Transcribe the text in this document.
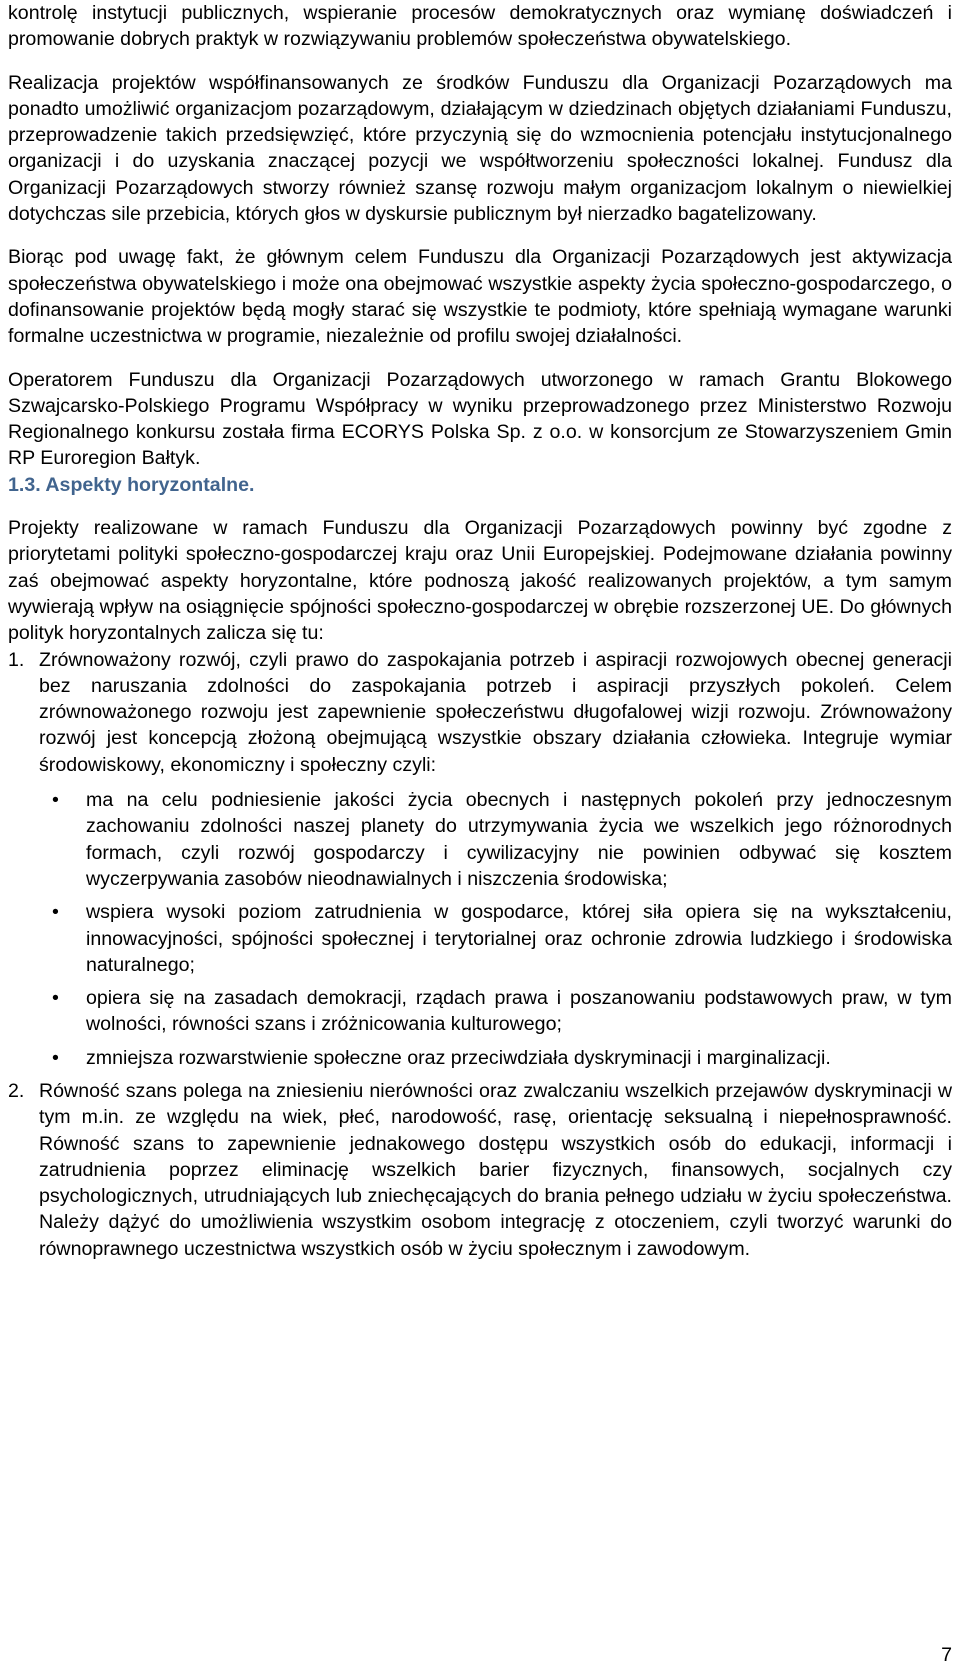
kontrolę instytucji publicznych, wspieranie procesów demokratycznych oraz wymianę doświadczeń i promowanie dobrych praktyk w rozwiązywaniu problemów społeczeństwa obywatelskiego.

Realizacja projektów współfinansowanych ze środków Funduszu dla Organizacji Pozarządowych ma ponadto umożliwić organizacjom pozarządowym, działającym w dziedzinach objętych działaniami Funduszu, przeprowadzenie takich przedsięwzięć, które przyczynią się do wzmocnienia potencjału instytucjonalnego organizacji i do uzyskania znaczącej pozycji we współtworzeniu społeczności lokalnej. Fundusz dla Organizacji Pozarządowych stworzy również szansę rozwoju małym organizacjom lokalnym o niewielkiej dotychczas sile przebicia, których głos w dyskursie publicznym był nierzadko bagatelizowany.

Biorąc pod uwagę fakt, że głównym celem Funduszu dla Organizacji Pozarządowych jest aktywizacja społeczeństwa obywatelskiego i może ona obejmować wszystkie aspekty życia społeczno-gospodarczego, o dofinansowanie projektów będą mogły starać się wszystkie te podmioty, które spełniają wymagane warunki formalne uczestnictwa w programie, niezależnie od profilu swojej działalności.

Operatorem Funduszu dla Organizacji Pozarządowych utworzonego w ramach Grantu Blokowego Szwajcarsko-Polskiego Programu Współpracy w wyniku przeprowadzonego przez Ministerstwo Rozwoju Regionalnego konkursu została firma ECORYS Polska Sp. z o.o. w konsorcjum ze Stowarzyszeniem Gmin RP Euroregion Bałtyk.

1.3. Aspekty horyzontalne.

Projekty realizowane w ramach Funduszu dla Organizacji Pozarządowych powinny być zgodne z priorytetami polityki społeczno-gospodarczej kraju oraz Unii Europejskiej. Podejmowane działania powinny zaś obejmować aspekty horyzontalne, które podnoszą jakość realizowanych projektów, a tym samym wywierają wpływ na osiągnięcie spójności społeczno-gospodarczej w obrębie rozszerzonej UE. Do głównych polityk horyzontalnych zalicza się tu:

1. Zrównoważony rozwój, czyli prawo do zaspokajania potrzeb i aspiracji rozwojowych obecnej generacji bez naruszania zdolności do zaspokajania potrzeb i aspiracji przyszłych pokoleń. Celem zrównoważonego rozwoju jest zapewnienie społeczeństwu długofalowej wizji rozwoju. Zrównoważony rozwój jest koncepcją złożoną obejmującą wszystkie obszary działania człowieka. Integruje wymiar środowiskowy, ekonomiczny i społeczny czyli:
• ma na celu podniesienie jakości życia obecnych i następnych pokoleń przy jednoczesnym zachowaniu zdolności naszej planety do utrzymywania życia we wszelkich jego różnorodnych formach, czyli rozwój gospodarczy i cywilizacyjny nie powinien odbywać się kosztem wyczerpywania zasobów nieodnawialnych i niszczenia środowiska;
• wspiera wysoki poziom zatrudnienia w gospodarce, której siła opiera się na wykształceniu, innowacyjności, spójności społecznej i terytorialnej oraz ochronie zdrowia ludzkiego i środowiska naturalnego;
• opiera się na zasadach demokracji, rządach prawa i poszanowaniu podstawowych praw, w tym wolności, równości szans i zróżnicowania kulturowego;
• zmniejsza rozwarstwienie społeczne oraz przeciwdziała dyskryminacji i marginalizacji.
2. Równość szans polega na zniesieniu nierówności oraz zwalczaniu wszelkich przejawów dyskryminacji w tym m.in. ze względu na wiek, płeć, narodowość, rasę, orientację seksualną i niepełnosprawność. Równość szans to zapewnienie jednakowego dostępu wszystkich osób do edukacji, informacji i zatrudnienia poprzez eliminację wszelkich barier fizycznych, finansowych, socjalnych czy psychologicznych, utrudniających lub zniechęcających do brania pełnego udziału w życiu społeczeństwa. Należy dążyć do umożliwienia wszystkim osobom integrację z otoczeniem, czyli tworzyć warunki do równoprawnego uczestnictwa wszystkich osób w życiu społecznym i zawodowym.
7
